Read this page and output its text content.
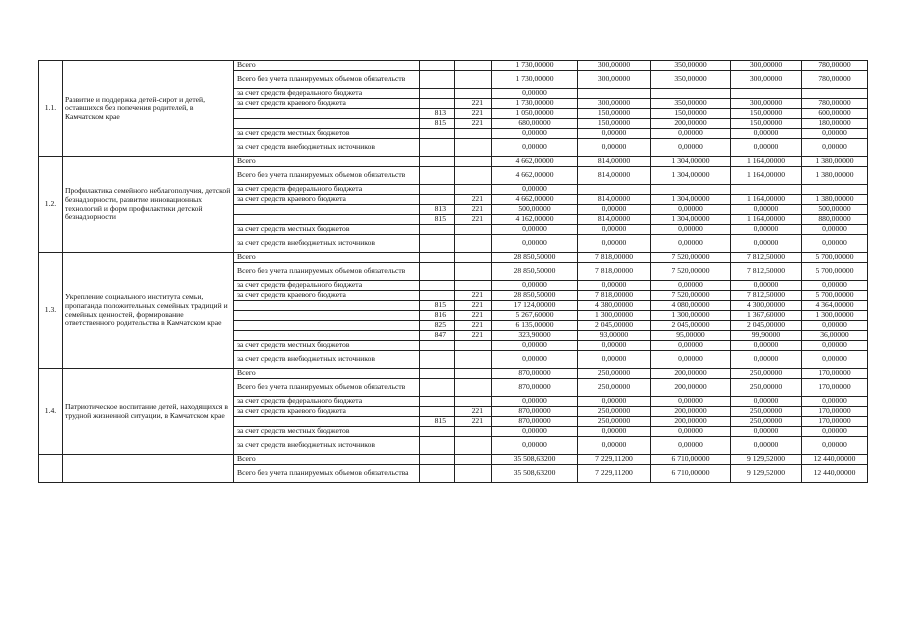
1.1.	Развитие и поддержка детей-сирот и детей, оставшихся без попечения родителей, в Камчатском крае	Всего			1 730,00000	300,00000	350,00000	300,00000	780,00000
		Всего без учета планируемых объемов обязательств			1 730,00000	300,00000	350,00000	300,00000	780,00000
		за счет средств федерального бюджета			0,00000				
		за счет средств краевого бюджета		221	1 730,00000	300,00000	350,00000	300,00000	780,00000
			813	221	1 050,00000	150,00000	150,00000	150,00000	600,00000
			815	221	680,00000	150,00000	200,00000	150,00000	180,00000
		за счет средств местных бюджетов			0,00000	0,00000	0,00000	0,00000	0,00000
		за счет средств внебюджетных источников			0,00000	0,00000	0,00000	0,00000	0,00000
1.2.	Профилактика семейного неблагополучия, детской безнадзорности, развитие инновационных технологий и форм профилактики детской безнадзорности	Всего			4 662,00000	814,00000	1 304,00000	1 164,00000	1 380,00000
		Всего без учета планируемых объемов обязательств			4 662,00000	814,00000	1 304,00000	1 164,00000	1 380,00000
		за счет средств федерального бюджета			0,00000				
		за счет средств краевого бюджета		221	4 662,00000	814,00000	1 304,00000	1 164,00000	1 380,00000
			813	221	500,00000	0,00000	0,00000	0,00000	500,00000
			815	221	4 162,00000	814,00000	1 304,00000	1 164,00000	880,00000
		за счет средств местных бюджетов			0,00000	0,00000	0,00000	0,00000	0,00000
		за счет средств внебюджетных источников			0,00000	0,00000	0,00000	0,00000	0,00000
1.3.	Укрепление социального института семьи, пропаганда положительных семейных традиций и семейных ценностей, формирование ответственного родительства в Камчатском крае	Всего			28 850,50000	7 818,00000	7 520,00000	7 812,50000	5 700,00000
		Всего без учета планируемых объемов обязательств			28 850,50000	7 818,00000	7 520,00000	7 812,50000	5 700,00000
		за счет средств федерального бюджета			0,00000	0,00000	0,00000	0,00000	0,00000
		за счет средств краевого бюджета		221	28 850,50000	7 818,00000	7 520,00000	7 812,50000	5 700,00000
			815	221	17 124,00000	4 380,00000	4 080,00000	4 300,00000	4 364,00000
			816	221	5 267,60000	1 300,00000	1 300,00000	1 367,60000	1 300,00000
			825	221	6 135,00000	2 045,00000	2 045,00000	2 045,00000	0,00000
			847	221	323,90000	93,00000	95,00000	99,90000	36,00000
		за счет средств местных бюджетов			0,00000	0,00000	0,00000	0,00000	0,00000
		за счет средств внебюджетных источников			0,00000	0,00000	0,00000	0,00000	0,00000
1.4.	Патриотическое воспитание детей, находящихся в трудной жизненной ситуации, в Камчатском крае	Всего			870,00000	250,00000	200,00000	250,00000	170,00000
		Всего без учета планируемых объемов обязательств			870,00000	250,00000	200,00000	250,00000	170,00000
		за счет средств федерального бюджета			0,00000	0,00000	0,00000	0,00000	0,00000
		за счет средств краевого бюджета		221	870,00000	250,00000	200,00000	250,00000	170,00000
			815	221	870,00000	250,00000	200,00000	250,00000	170,00000
		за счет средств местных бюджетов			0,00000	0,00000	0,00000	0,00000	0,00000
		за счет средств внебюджетных источников			0,00000	0,00000	0,00000	0,00000	0,00000
		Всего			35 508,63200	7 229,11200	6 710,00000	9 129,52000	12 440,00000
		Всего без учета планируемых объемов обязательства			35 508,63200	7 229,11200	6 710,00000	9 129,52000	12 440,00000
